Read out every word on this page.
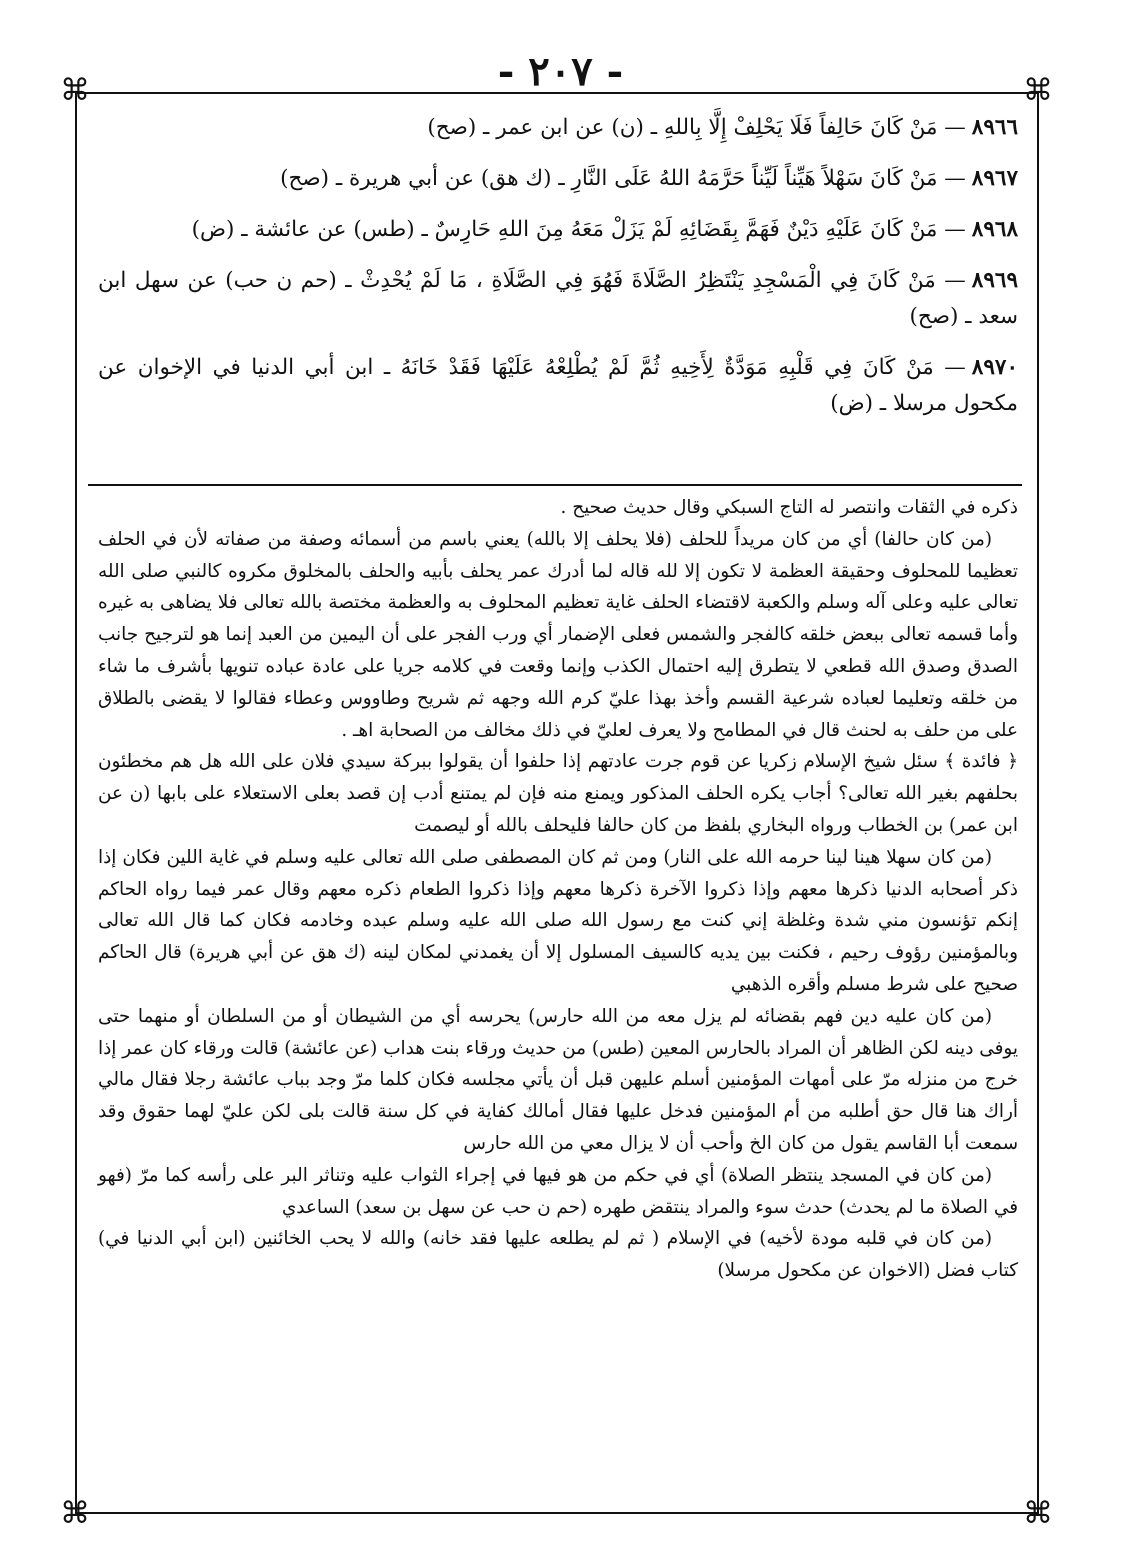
- ٢٠٧ -
⌘	⌘
⌘	⌘

٨٩٦٦— مَنْ كَانَ حَالِفاً فَلَا يَحْلِفْ إِلَّا بِاللهِ ـ (ن) عن ابن عمر ـ (صح)

٨٩٦٧— مَنْ كَانَ سَهْلاً هَيِّناً لَيِّناً حَرَّمَهُ اللهُ عَلَى النَّارِ ـ (ك هق) عن أبي هريرة ـ (صح)

٨٩٦٨— مَنْ كَانَ عَلَيْهِ دَيْنٌ فَهَمَّ بِقَضَائِهِ لَمْ يَزَلْ مَعَهُ مِنَ اللهِ حَارِسٌ ـ (طس) عن عائشة ـ (ض)

٨٩٦٩— مَنْ كَانَ فِي الْمَسْجِدِ يَنْتَظِرُ الصَّلَاةَ فَهُوَ فِي الصَّلَاةِ ، مَا لَمْ يُحْدِثْ ـ (حم ن حب) عن سهل ابن سعد ـ (صح)

٨٩٧٠— مَنْ كَانَ فِي قَلْبِهِ مَوَدَّةٌ لِأَخِيهِ ثُمَّ لَمْ يُطْلِعْهُ عَلَيْهَا فَقَدْ خَانَهُ ـ ابن أبي الدنيا في الإخوان عن مكحول مرسلا ـ (ض)

ذكره في الثقات وانتصر له التاج السبكي وقال حديث صحيح .

(من كان حالفا) أي من كان مريداً للحلف (فلا يحلف إلا بالله) يعني باسم من أسمائه وصفة من صفاته لأن في الحلف تعظيما للمحلوف وحقيقة العظمة لا تكون إلا لله قاله لما أدرك عمر يحلف بأبيه والحلف بالمخلوق مكروه كالنبي صلى الله تعالى عليه وعلى آله وسلم والكعبة لاقتضاء الحلف غاية تعظيم المحلوف به والعظمة مختصة بالله تعالى فلا يضاهى به غيره وأما قسمه تعالى ببعض خلقه كالفجر والشمس فعلى الإضمار أي ورب الفجر على أن اليمين من العبد إنما هو لترجيح جانب الصدق وصدق الله قطعي لا يتطرق إليه احتمال الكذب وإنما وقعت في كلامه جريا على عادة عباده تنويها بأشرف ما شاء من خلقه وتعليما لعباده شرعية القسم وأخذ بهذا عليّ كرم الله وجهه ثم شريح وطاووس وعطاء فقالوا لا يقضى بالطلاق على من حلف به لحنث قال في المطامح ولا يعرف لعليّ في ذلك مخالف من الصحابة اهـ .

﴿ فائدة ﴾ سئل شيخ الإسلام زكريا عن قوم جرت عادتهم إذا حلفوا أن يقولوا ببركة سيدي فلان على الله هل هم مخطئون بحلفهم بغير الله تعالى؟ أجاب يكره الحلف المذكور ويمنع منه فإن لم يمتنع أدب إن قصد بعلى الاستعلاء على بابها (ن عن ابن عمر) بن الخطاب ورواه البخاري بلفظ من كان حالفا فليحلف بالله أو ليصمت

(من كان سهلا هينا لينا حرمه الله على النار) ومن ثم كان المصطفى صلى الله تعالى عليه وسلم في غاية اللين فكان إذا ذكر أصحابه الدنيا ذكرها معهم وإذا ذكروا الآخرة ذكرها معهم وإذا ذكروا الطعام ذكره معهم وقال عمر فيما رواه الحاكم إنكم تؤنسون مني شدة وغلظة إني كنت مع رسول الله صلى الله عليه وسلم عبده وخادمه فكان كما قال الله تعالى وبالمؤمنين رؤوف رحيم ، فكنت بين يديه كالسيف المسلول إلا أن يغمدني لمكان لينه (ك هق عن أبي هريرة) قال الحاكم صحيح على شرط مسلم وأقره الذهبي

(من كان عليه دين فهم بقضائه لم يزل معه من الله حارس) يحرسه أي من الشيطان أو من السلطان أو منهما حتى يوفى دينه لكن الظاهر أن المراد بالحارس المعين (طس) من حديث ورقاء بنت هداب (عن عائشة) قالت ورقاء كان عمر إذا خرج من منزله مرّ على أمهات المؤمنين أسلم عليهن قبل أن يأتي مجلسه فكان كلما مرّ وجد بباب عائشة رجلا فقال مالي أراك هنا قال حق أطلبه من أم المؤمنين فدخل عليها فقال أمالك كفاية في كل سنة قالت بلى لكن عليّ لهما حقوق وقد سمعت أبا القاسم يقول من كان الخ وأحب أن لا يزال معي من الله حارس

(من كان في المسجد ينتظر الصلاة) أي في حكم من هو فيها في إجراء الثواب عليه وتناثر البر على رأسه كما مرّ (فهو في الصلاة ما لم يحدث) حدث سوء والمراد ينتقض طهره (حم ن حب عن سهل بن سعد) الساعدي

(من كان في قلبه مودة لأخيه) في الإسلام ( ثم لم يطلعه عليها فقد خانه) والله لا يحب الخائنين (ابن أبي الدنيا في) كتاب فضل (الاخوان عن مكحول مرسلا)
